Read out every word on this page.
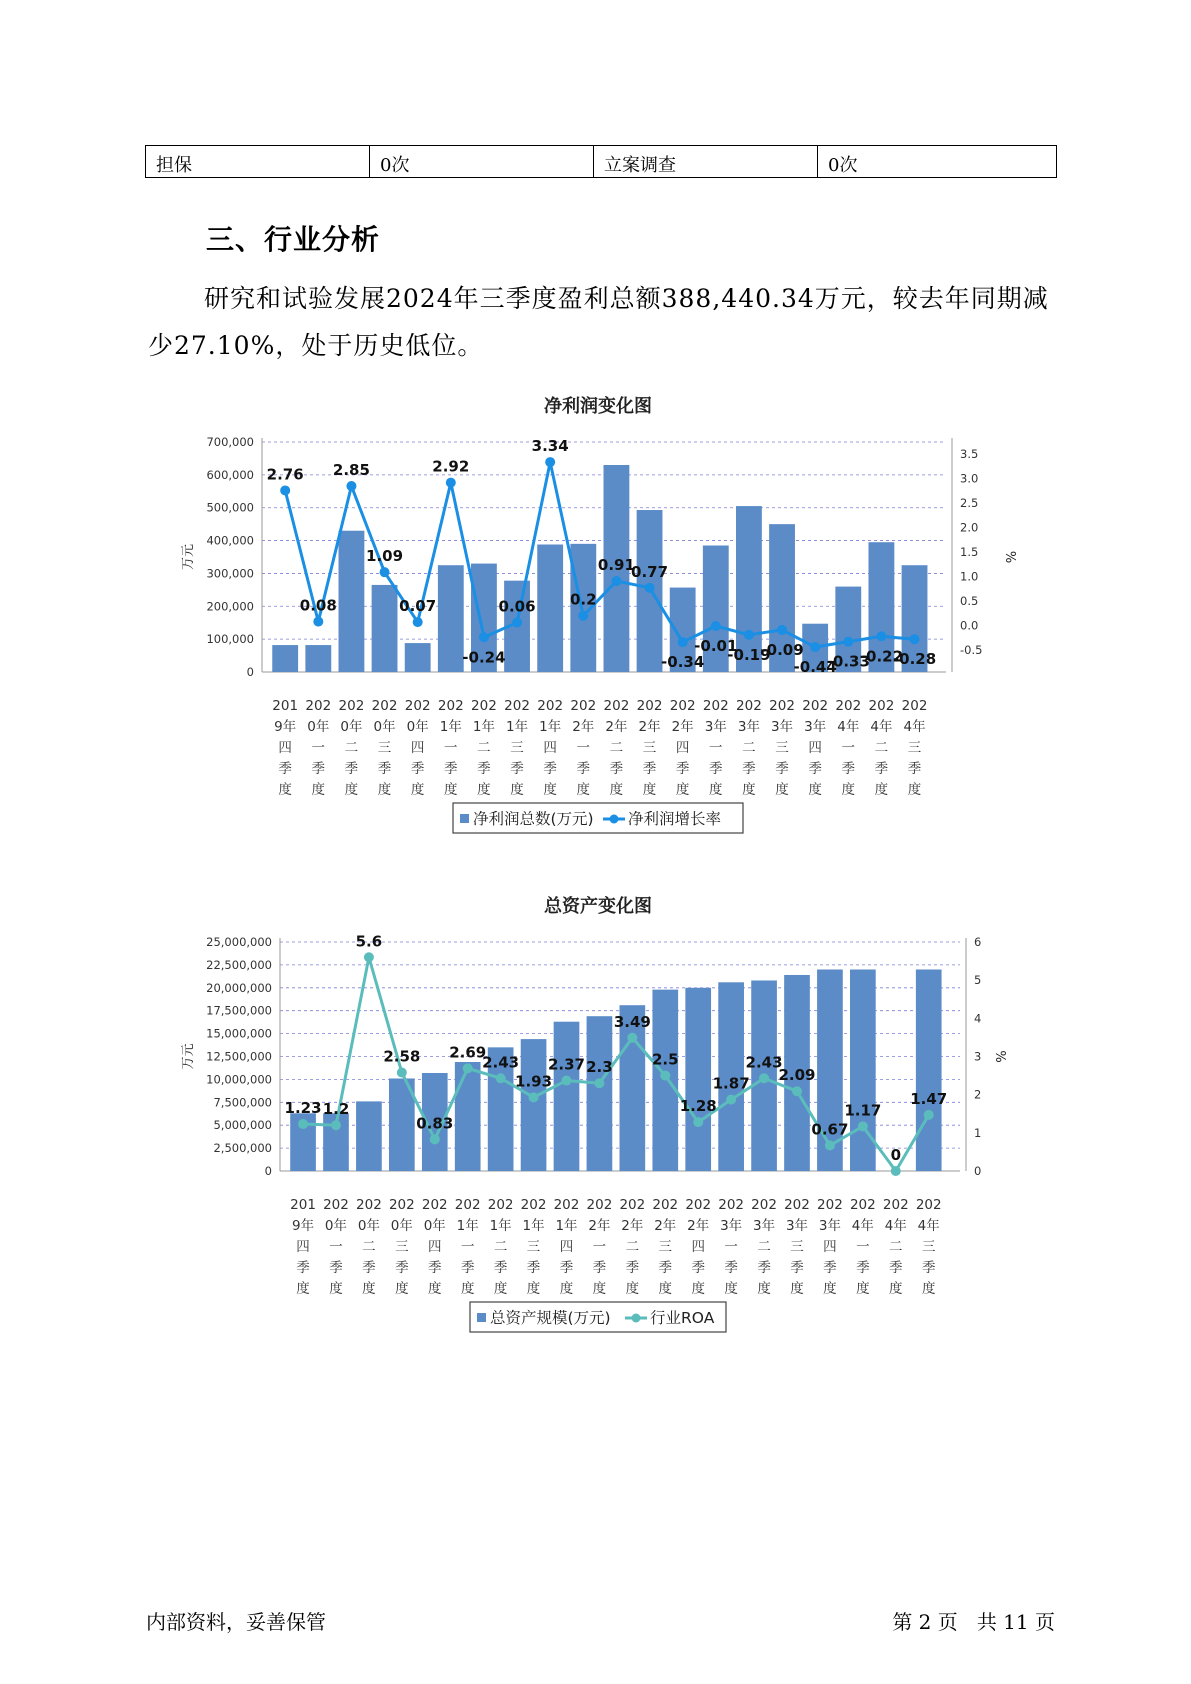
担保	0次	立案调查	0次
三、行业分析
研究和试验发展2024年三季度盈利总额388,440.34万元，较去年同期减少27.10%，处于历史低位。
净利润变化图
0
100,000
200,000
300,000
400,000
500,000
600,000
700,000
-0.5
0.0
0.5
1.0
1.5
2.0
2.5
3.0
3.5
万元	%
2.76
0.08
2.85
1.09
0.07
2.92
-0.24
0.06
3.34
0.2
0.91
0.77
-0.34
-0.01
-0.19
-0.09
-0.44
-0.33
-0.22
-0.28
201
9年
四
季
度
202
0年
一
季
度
202
0年
二
季
度
202
0年
三
季
度
202
0年
四
季
度
202
1年
一
季
度
202
1年
二
季
度
202
1年
三
季
度
202
1年
四
季
度
202
2年
一
季
度
202
2年
二
季
度
202
2年
三
季
度
202
2年
四
季
度
202
3年
一
季
度
202
3年
二
季
度
202
3年
三
季
度
202
3年
四
季
度
202
4年
一
季
度
202
4年
二
季
度
202
4年
三
季
度
净利润总数(万元) 净利润增长率
总资产变化图
0
2,500,000
5,000,000
7,500,000
10,000,000
12,500,000
15,000,000
17,500,000
20,000,000
22,500,000
25,000,000
0
1
2
3
4
5
6
万元	%
1.23 1.2
5.6
2.58
0.83
2.69
2.43
1.93
2.37 2.3
3.49
2.5
1.28
1.87
2.43
2.09
0.67
1.17
0
1.47
201
9年
四
季
度
202
0年
一
季
度
202
0年
二
季
度
202
0年
三
季
度
202
0年
四
季
度
202
1年
一
季
度
202
1年
二
季
度
202
1年
三
季
度
202
1年
四
季
度
202
2年
一
季
度
202
2年
二
季
度
202
2年
三
季
度
202
2年
四
季
度
202
3年
一
季
度
202
3年
二
季
度
202
3年
三
季
度
202
3年
四
季
度
202
4年
一
季
度
202
4年
二
季
度
202
4年
三
季
度
总资产规模(万元)	行业ROA
内部资料，妥善保管	第 2 页   共 11 页
